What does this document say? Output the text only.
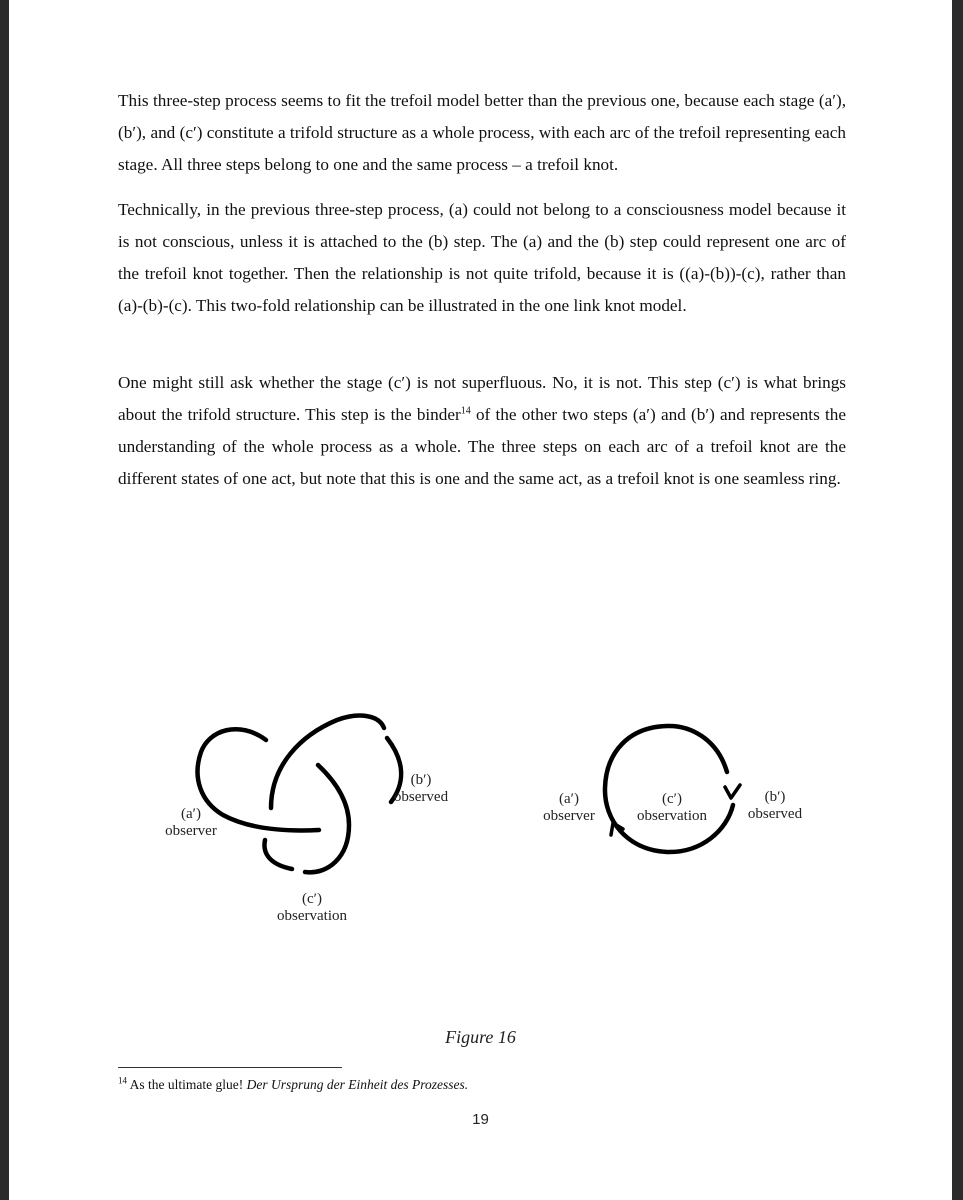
This three-step process seems to fit the trefoil model better than the previous one, because each stage (a′), (b′), and (c′) constitute a trifold structure as a whole process, with each arc of the trefoil representing each stage. All three steps belong to one and the same process – a trefoil knot.

Technically, in the previous three-step process, (a) could not belong to a consciousness model because it is not conscious, unless it is attached to the (b) step. The (a) and the (b) step could represent one arc of the trefoil knot together. Then the relationship is not quite trifold, because it is ((a)-(b))-(c), rather than (a)-(b)-(c). This two-fold relationship can be illustrated in the one link knot model.

One might still ask whether the stage (c′) is not superfluous. No, it is not. This step (c′) is what brings about the trifold structure. This step is the binder$^{14}$ of the other two steps (a′) and (b′) and represents the understanding of the whole process as a whole. The three steps on each arc of a trefoil knot are the different states of one act, but note that this is one and the same act, as a trefoil knot is one seamless ring.

(a′)
observer
(b′)
observed
(c′)
observation
(a′)
observer
(c′)
observation
(b′)
observed
Figure 16
$^{14}$ As the ultimate glue! Der Ursprung der Einheit des Prozesses.
19
